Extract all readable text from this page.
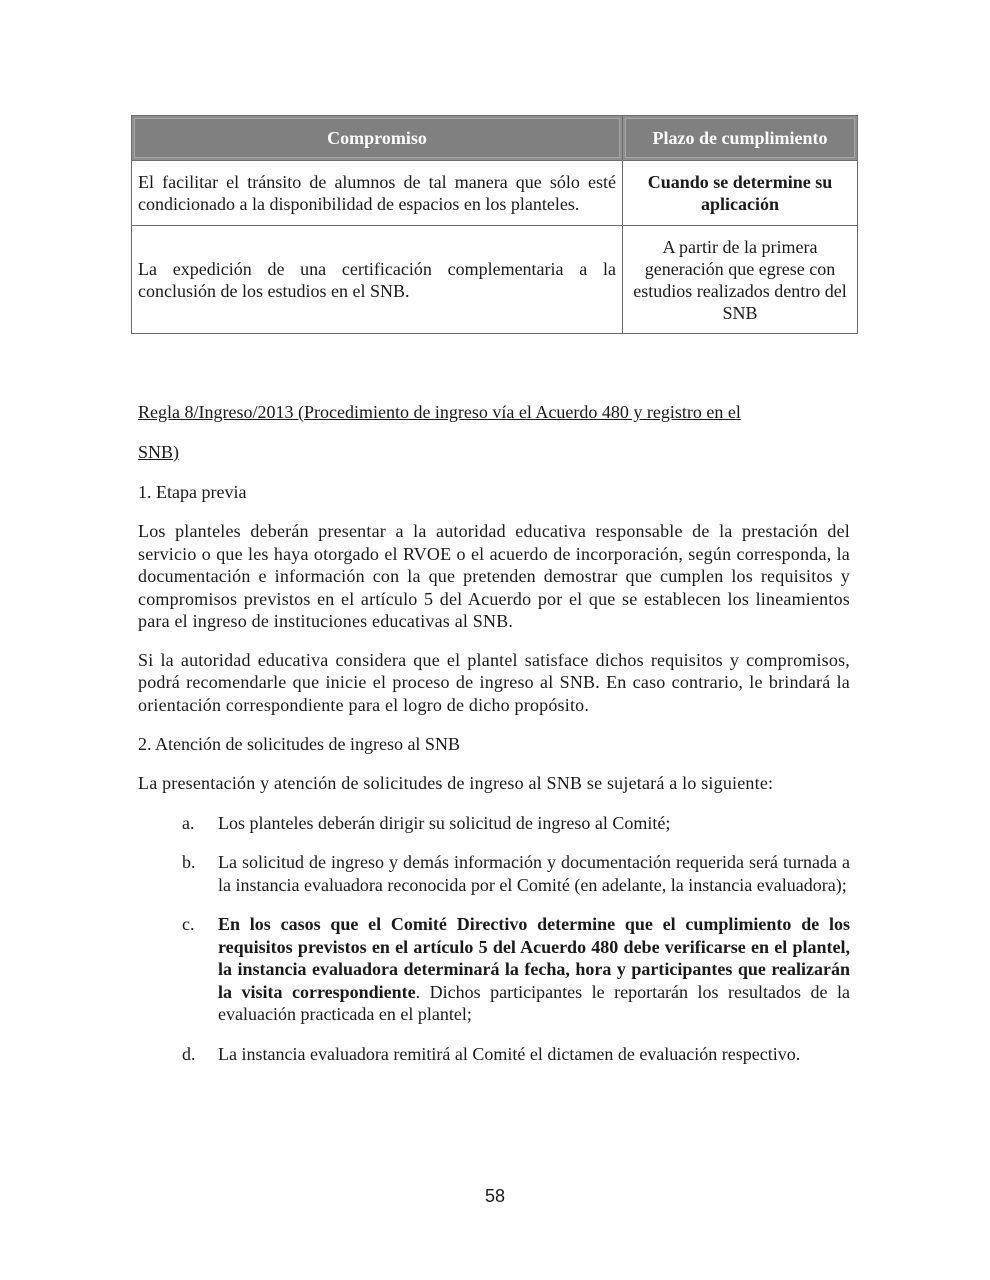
Compromiso	Plazo de cumplimiento
El facilitar el tránsito de alumnos de tal manera que sólo esté condicionado a la disponibilidad de espacios en los planteles.	Cuando se determine su aplicación
La expedición de una certificación complementaria a la conclusión de los estudios en el SNB.	A partir de la primera generación que egrese con estudios realizados dentro del SNB

Regla 8/Ingreso/2013 (Procedimiento de ingreso vía el Acuerdo 480 y registro en el

SNB)

1. Etapa previa

Los planteles deberán presentar a la autoridad educativa responsable de la prestación del servicio o que les haya otorgado el RVOE o el acuerdo de incorporación, según corresponda, la documentación e información con la que pretenden demostrar que cumplen los requisitos y compromisos previstos en el artículo 5 del Acuerdo por el que se establecen los lineamientos para el ingreso de instituciones educativas al SNB.

Si la autoridad educativa considera que el plantel satisface dichos requisitos y compromisos, podrá recomendarle que inicie el proceso de ingreso al SNB. En caso contrario, le brindará la orientación correspondiente para el logro de dicho propósito.

2. Atención de solicitudes de ingreso al SNB

La presentación y atención de solicitudes de ingreso al SNB se sujetará a lo siguiente:

a. Los planteles deberán dirigir su solicitud de ingreso al Comité;
b. La solicitud de ingreso y demás información y documentación requerida será turnada a la instancia evaluadora reconocida por el Comité (en adelante, la instancia evaluadora);
c. En los casos que el Comité Directivo determine que el cumplimiento de los requisitos previstos en el artículo 5 del Acuerdo 480 debe verificarse en el plantel, la instancia evaluadora determinará la fecha, hora y participantes que realizarán la visita correspondiente. Dichos participantes le reportarán los resultados de la evaluación practicada en el plantel;
d. La instancia evaluadora remitirá al Comité el dictamen de evaluación respectivo.
58
